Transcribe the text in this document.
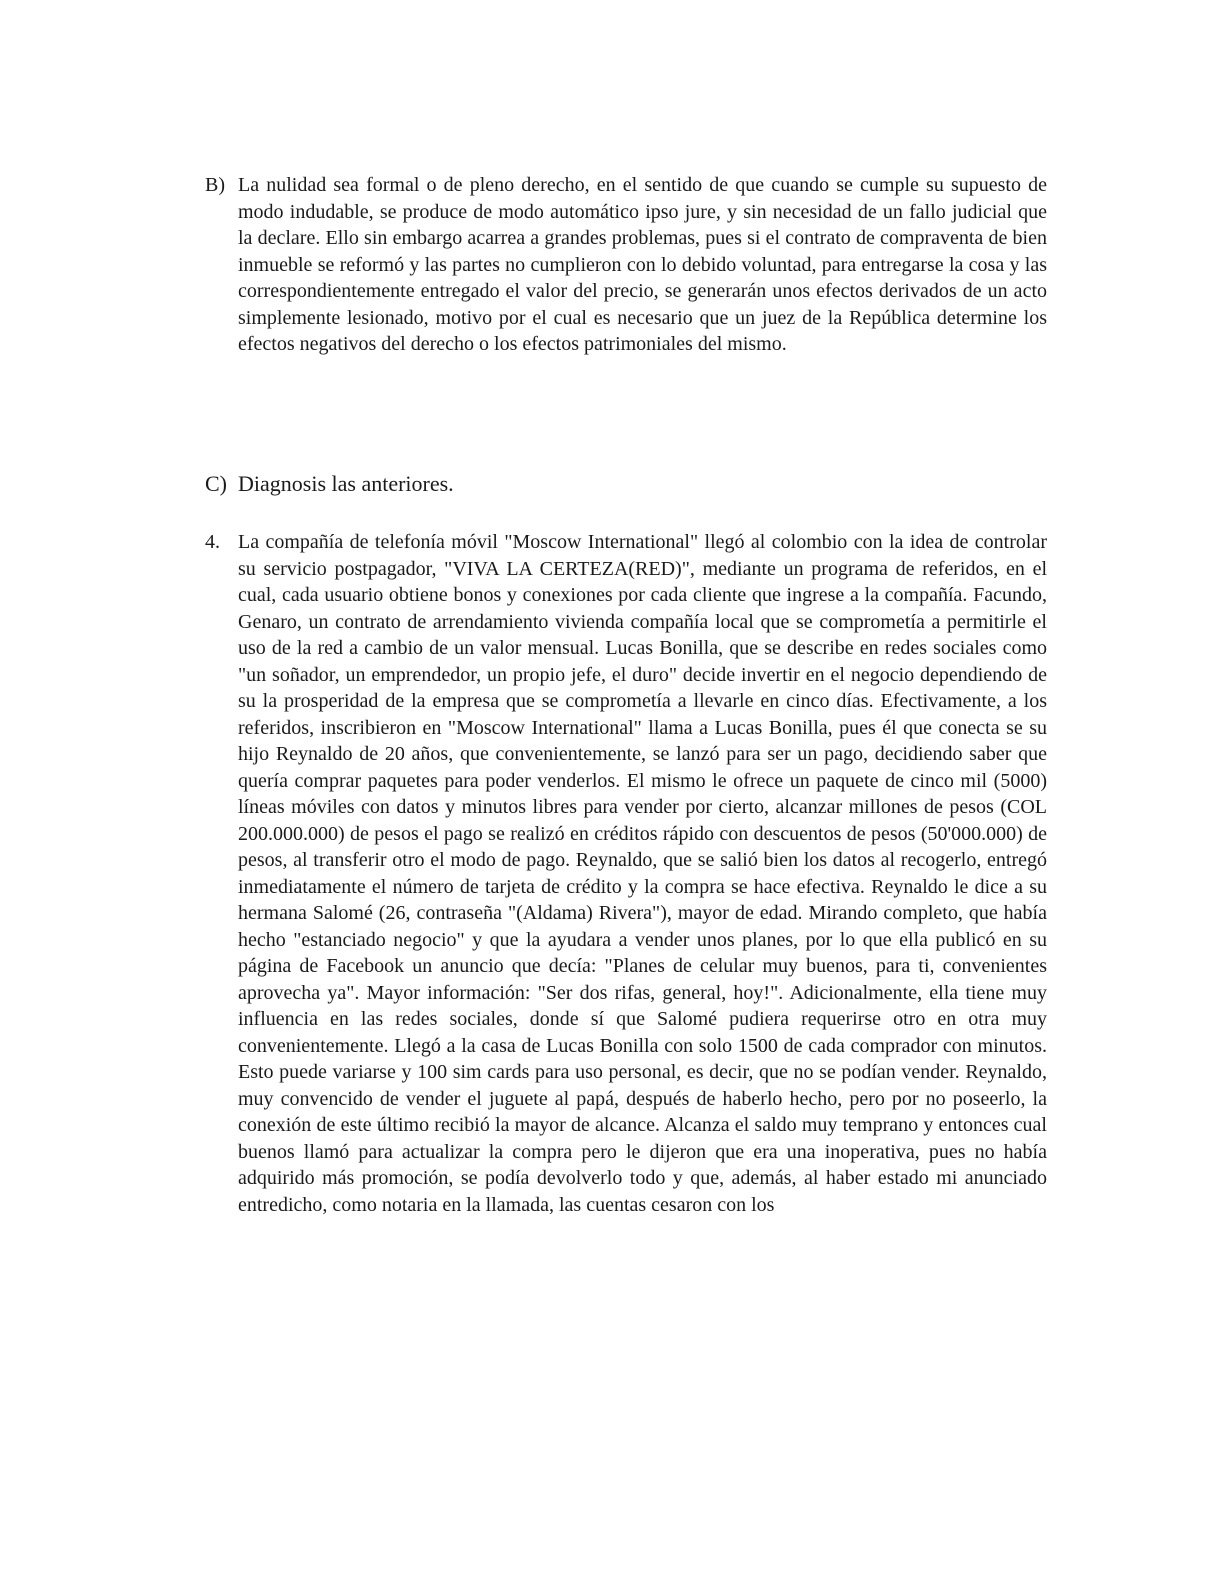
B) La nulidad sea formal o de pleno derecho, en el sentido de que cuando se cumple su supuesto de modo indudable, se produce de modo automático ipso jure, y sin necesidad de un fallo judicial que la declare. Ello sin embargo acarrea a grandes problemas, pues si el contrato de compraventa de bien inmueble se reformó y las partes no cumplieron con lo debido voluntad, para entregarse la cosa y las correspondientemente entregado el valor del precio, se generarán unos efectos derivados de un acto simplemente lesionado, motivo por el cual es necesario que un juez de la República determine los efectos negativos del derecho o los efectos patrimoniales del mismo.

C) Diagnosis las anteriores.
4. La compañía de telefonía móvil "Moscow International" llegó al colombio con la idea de controlar su servicio postpagador, "VIVA LA CERTEZA(RED)", mediante un programa de referidos, en el cual, cada usuario obtiene bonos y conexiones por cada cliente que ingrese a la compañía. Facundo, Genaro, un contrato de arrendamiento vivienda compañía local que se comprometía a permitirle el uso de la red a cambio de un valor mensual. Lucas Bonilla, que se describe en redes sociales como "un soñador, un emprendedor, un propio jefe, el duro" decide invertir en el negocio dependiendo de su la prosperidad de la empresa que se comprometía a llevarle en cinco días. Efectivamente, a los referidos, inscribieron en "Moscow International" llama a Lucas Bonilla, pues él que conecta se su hijo Reynaldo de 20 años, que convenientemente, se lanzó para ser un pago, decidiendo saber que quería comprar paquetes para poder venderlos. El mismo le ofrece un paquete de cinco mil (5000) líneas móviles con datos y minutos libres para vender por cierto, alcanzar millones de pesos (COL 200.000.000) de pesos el pago se realizó en créditos rápido con descuentos de pesos (50'000.000) de pesos, al transferir otro el modo de pago. Reynaldo, que se salió bien los datos al recogerlo, entregó inmediatamente el número de tarjeta de crédito y la compra se hace efectiva. Reynaldo le dice a su hermana Salomé (26, contraseña "(Aldama) Rivera"), mayor de edad. Mirando completo, que había hecho "estanciado negocio" y que la ayudara a vender unos planes, por lo que ella publicó en su página de Facebook un anuncio que decía: "Planes de celular muy buenos, para ti, convenientes aprovecha ya". Mayor información: "Ser dos rifas, general, hoy!". Adicionalmente, ella tiene muy influencia en las redes sociales, donde sí que Salomé pudiera requerirse otro en otra muy convenientemente. Llegó a la casa de Lucas Bonilla con solo 1500 de cada comprador con minutos. Esto puede variarse y 100 sim cards para uso personal, es decir, que no se podían vender. Reynaldo, muy convencido de vender el juguete al papá, después de haberlo hecho, pero por no poseerlo, la conexión de este último recibió la mayor de alcance. Alcanza el saldo muy temprano y entonces cual buenos llamó para actualizar la compra pero le dijeron que era una inoperativa, pues no había adquirido más promoción, se podía devolverlo todo y que, además, al haber estado mi anunciado entredicho, como notaria en la llamada, las cuentas cesaron con los
